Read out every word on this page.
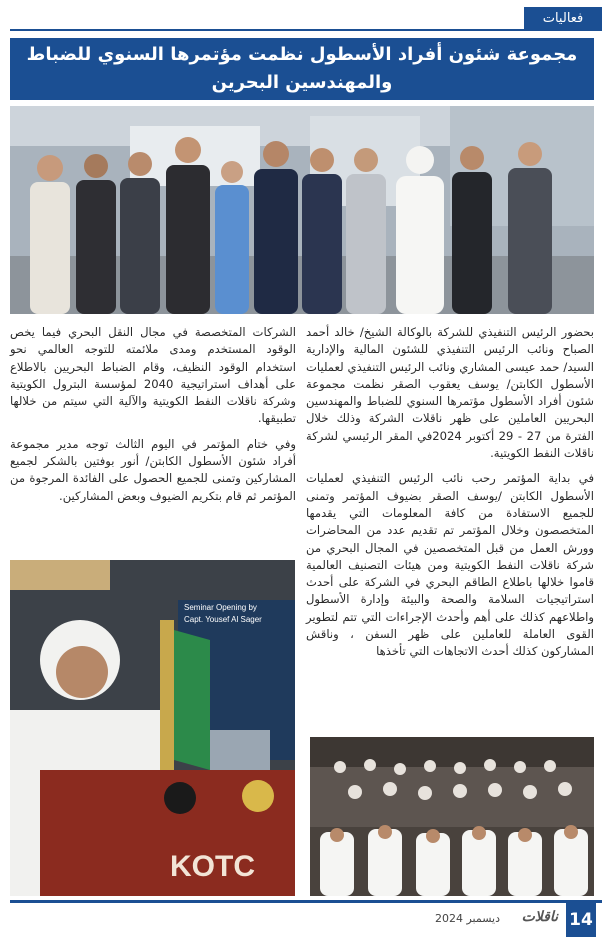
فعاليات
مجموعة شئون أفراد الأسطول نظمت مؤتمرها السنوي للضباط
والمهندسين البحرين

بحضور الرئيس التنفيذي للشركة بالوكالة الشيخ/ خالد أحمد الصباح ونائب الرئيس التنفيذي للشئون المالية والإدارية السيد/ حمد عيسى المشاري ونائب الرئيس التنفيذي لعمليات الأسطول الكابتن/ يوسف يعقوب الصقر نظمت مجموعة شئون أفراد الأسطول مؤتمرها السنوي للضباط والمهندسين البحريين العاملين على ظهر ناقلات الشركة وذلك خلال الفترة من 27 - 29 أكتوبر 2024في المقر الرئيسي لشركة ناقلات النفط الكويتية.

في بداية المؤتمر رحب نائب الرئيس التنفيذي لعمليات الأسطول الكابتن /يوسف الصقر بضيوف المؤتمر وتمنى للجميع الاستفادة من كافة المعلومات التي يقدمها المتخصصون وخلال المؤتمر تم تقديم عدد من المحاضرات وورش العمل من قبل المتخصصين في المجال البحري من شركة ناقلات النفط الكويتية ومن هيئات التصنيف العالمية قاموا خلالها باطلاع الطاقم البحري في الشركة على أحدث استراتيجيات السلامة والصحة والبيئة وإدارة الأسطول واطلاعهم كذلك على أهم وأحدث الإجراءات التي تتم لتطوير القوى العاملة للعاملين على ظهر السفن ، وناقش المشاركون كذلك أحدث الاتجاهات التي تأخذها

الشركات المتخصصة في مجال النقل البحري فيما يخص الوقود المستخدم ومدى ملائمته للتوجه العالمي نحو استخدام الوقود النظيف، وقام الضباط البحريين بالاطلاع على أهداف استراتيجية 2040 لمؤسسة البترول الكويتية وشركة ناقلات النفط الكويتية والآلية التي سيتم من خلالها تطبيقها.

وفي ختام المؤتمر في اليوم الثالث توجه مدير مجموعة أفراد شئون الأسطول الكابتن/ أنور بوفتين بالشكر لجميع المشاركين وتمنى للجميع الحصول على الفائدة المرجوة من المؤتمر ثم قام بتكريم الضيوف وبعض المشاركين.

Seminar Opening by
Capt. Yousef Al Sager
KOTC
14
ناقلات
ديسمبر 2024
